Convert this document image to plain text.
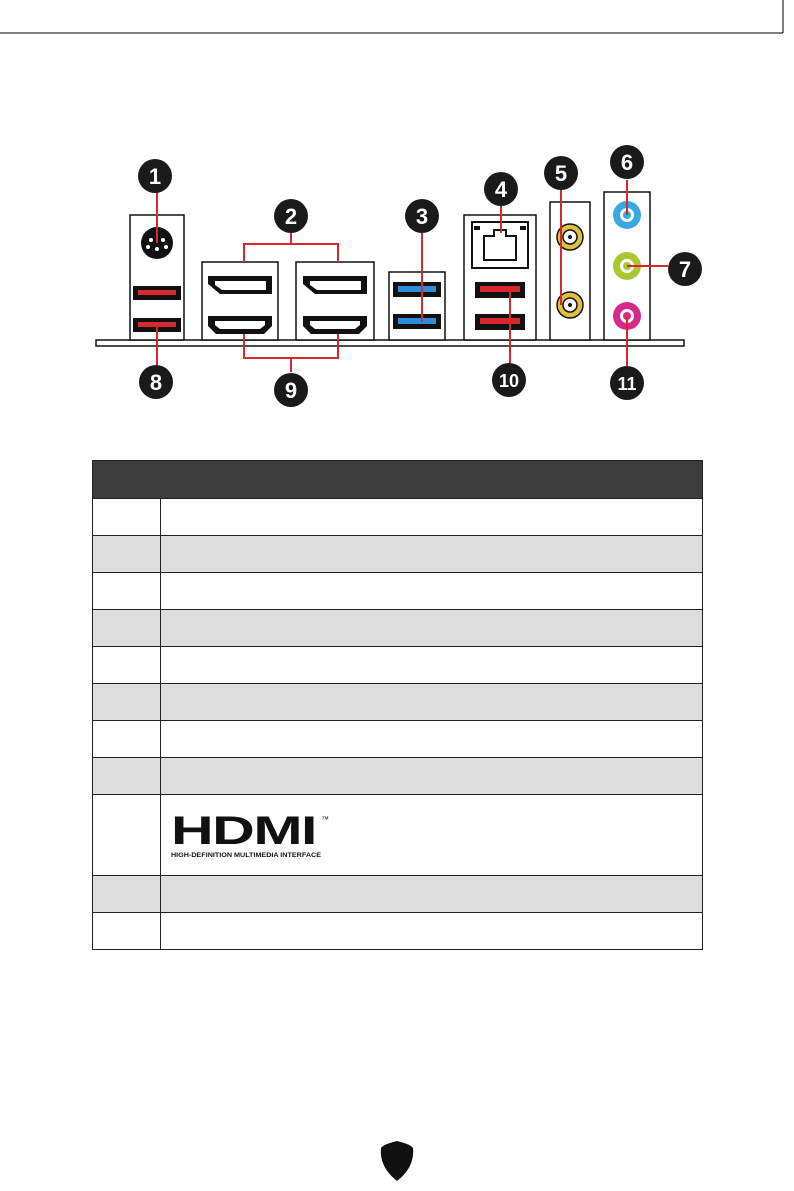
1
2	3
4
5 6
7
8	9	10	11

HDMI ™
HIGH-DEFINITION MULTIMEDIA INTERFACE
